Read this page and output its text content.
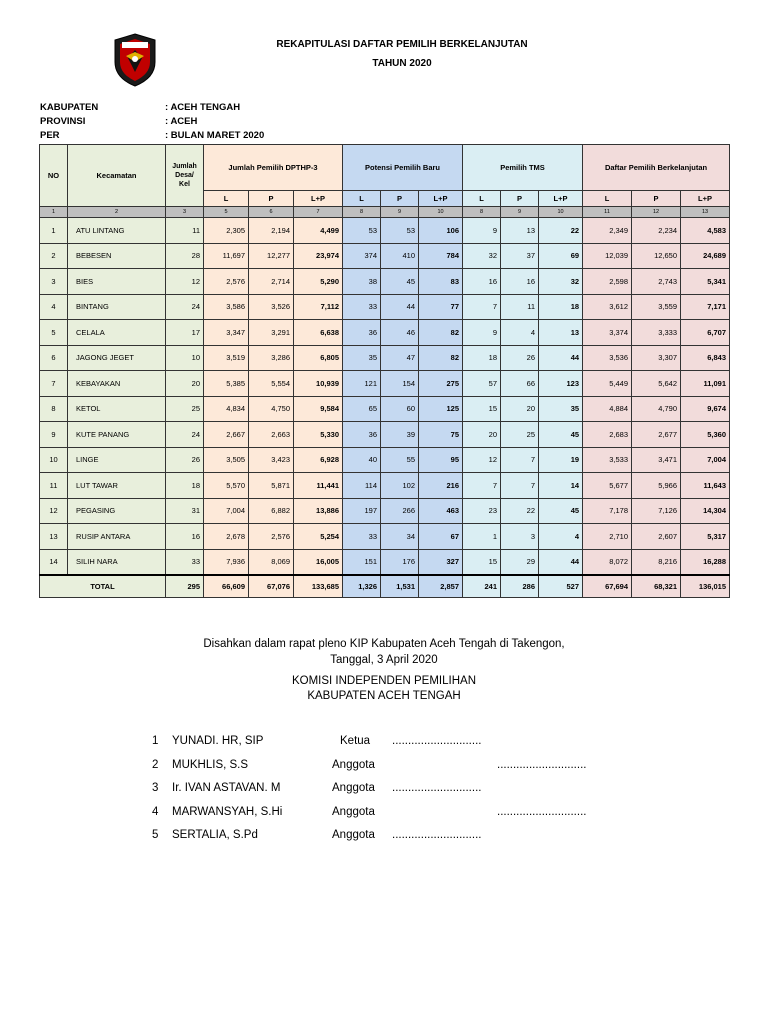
REKAPITULASI DAFTAR PEMILIH BERKELANJUTAN
TAHUN 2020
KABUPATEN	: ACEH TENGAH
PROVINSI	: ACEH
PER	: BULAN MARET 2020
NO	Kecamatan	Jumlah
Desa/
Kel	Jumlah Pemilih DPTHP-3			Potensi Pemilih Baru			Pemilih TMS			Daftar Pemilih Berkelanjutan		
			L	P	L+P	L	P	L+P	L	P	L+P	L	P	L+P
1	2	3	5	6	7	8	9	10	8	9	10	11	12	13
1	ATU LINTANG	11	2,305	2,194	4,499	53	53	106	9	13	22	2,349	2,234	4,583
2	BEBESEN	28	11,697	12,277	23,974	374	410	784	32	37	69	12,039	12,650	24,689
3	BIES	12	2,576	2,714	5,290	38	45	83	16	16	32	2,598	2,743	5,341
4	BINTANG	24	3,586	3,526	7,112	33	44	77	7	11	18	3,612	3,559	7,171
5	CELALA	17	3,347	3,291	6,638	36	46	82	9	4	13	3,374	3,333	6,707
6	JAGONG JEGET	10	3,519	3,286	6,805	35	47	82	18	26	44	3,536	3,307	6,843
7	KEBAYAKAN	20	5,385	5,554	10,939	121	154	275	57	66	123	5,449	5,642	11,091
8	KETOL	25	4,834	4,750	9,584	65	60	125	15	20	35	4,884	4,790	9,674
9	KUTE PANANG	24	2,667	2,663	5,330	36	39	75	20	25	45	2,683	2,677	5,360
10	LINGE	26	3,505	3,423	6,928	40	55	95	12	7	19	3,533	3,471	7,004
11	LUT TAWAR	18	5,570	5,871	11,441	114	102	216	7	7	14	5,677	5,966	11,643
12	PEGASING	31	7,004	6,882	13,886	197	266	463	23	22	45	7,178	7,126	14,304
13	RUSIP ANTARA	16	2,678	2,576	5,254	33	34	67	1	3	4	2,710	2,607	5,317
14	SILIH NARA	33	7,936	8,069	16,005	151	176	327	15	29	44	8,072	8,216	16,288
TOTAL		295	66,609	67,076	133,685	1,326	1,531	2,857	241	286	527	67,694	68,321	136,015
Disahkan dalam rapat pleno KIP Kabupaten Aceh Tengah di Takengon,
Tanggal, 3 April 2020
KOMISI INDEPENDEN PEMILIHAN
KABUPATEN ACEH TENGAH
1 YUNADI. HR, SIP	Ketua ............................
2 MUKHLIS, S.S	Anggota	............................
3 Ir. IVAN ASTAVAN. M	Anggota ............................
4 MARWANSYAH, S.Hi	Anggota	............................
5 SERTALIA, S.Pd	Anggota ............................
